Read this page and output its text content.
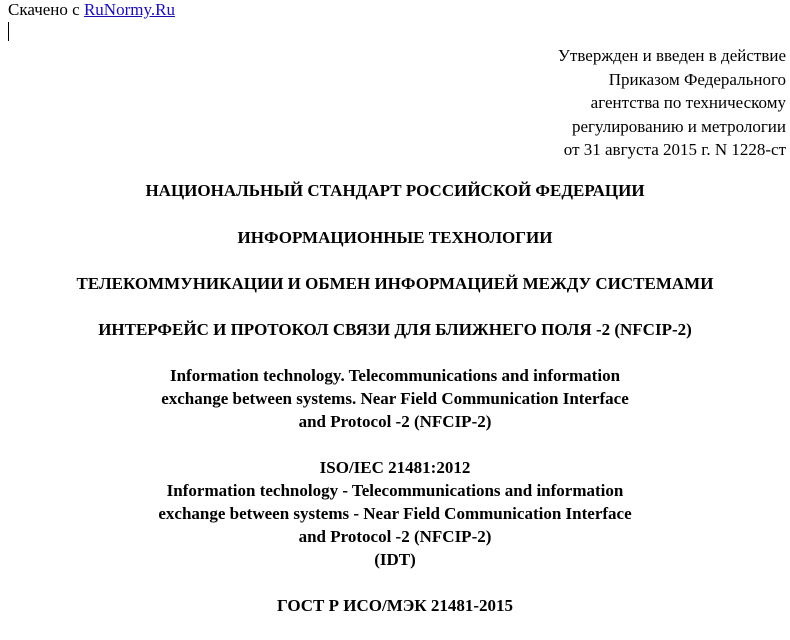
Скачено с RuNormy.Ru
Утвержден и введен в действие
Приказом Федерального
агентства по техническому
регулированию и метрологии
от 31 августа 2015 г. N 1228-ст
НАЦИОНАЛЬНЫЙ СТАНДАРТ РОССИЙСКОЙ ФЕДЕРАЦИИ
ИНФОРМАЦИОННЫЕ ТЕХНОЛОГИИ
ТЕЛЕКОММУНИКАЦИИ И ОБМЕН ИНФОРМАЦИЕЙ МЕЖДУ СИСТЕМАМИ
ИНТЕРФЕЙС И ПРОТОКОЛ СВЯЗИ ДЛЯ БЛИЖНЕГО ПОЛЯ -2 (NFCIP-2)
Information technology. Telecommunications and information
exchange between systems. Near Field Communication Interface
and Protocol -2 (NFCIP-2)
ISO/IEC 21481:2012
Information technology - Telecommunications and information
exchange between systems - Near Field Communication Interface
and Protocol -2 (NFCIP-2)
(IDT)
ГОСТ Р ИСО/МЭК 21481-2015
